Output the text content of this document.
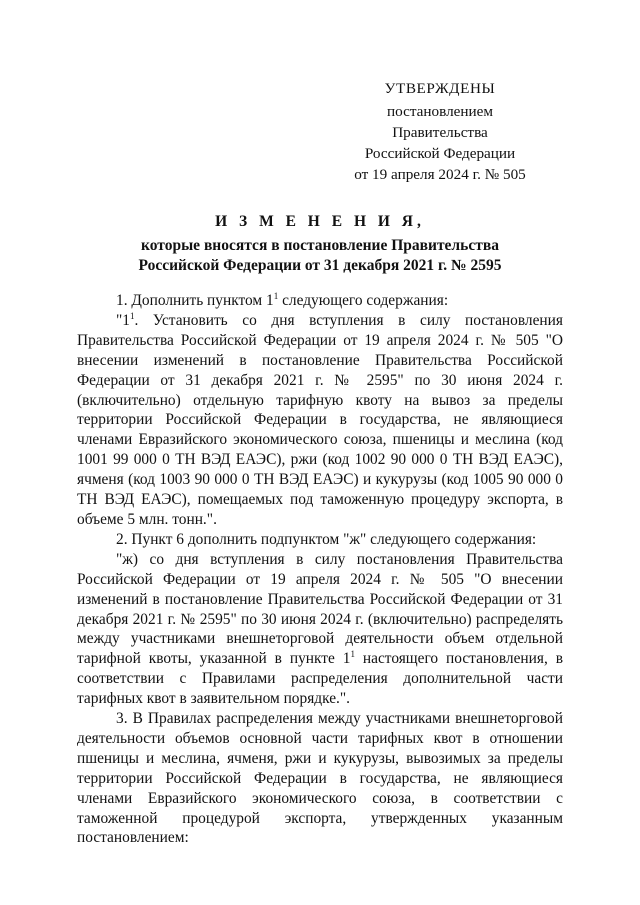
УТВЕРЖДЕНЫ
постановлением Правительства
Российской Федерации
от 19 апреля 2024 г. № 505
И З М Е Н Е Н И Я,
которые вносятся в постановление Правительства
Российской Федерации от 31 декабря 2021 г. № 2595

1. Дополнить пунктом $1^1$ следующего содержания:

"$1^1$. Установить со дня вступления в силу постановления Правительства Российской Федерации от 19 апреля 2024 г. № 505 "О внесении изменений в постановление Правительства Российской Федерации от 31 декабря 2021 г. № 2595" по 30 июня 2024 г. (включительно) отдельную тарифную квоту на вывоз за пределы территории Российской Федерации в государства, не являющиеся членами Евразийского экономического союза, пшеницы и меслина (код 1001 99 000 0 ТН ВЭД ЕАЭС), ржи (код 1002 90 000 0 ТН ВЭД ЕАЭС), ячменя (код 1003 90 000 0 ТН ВЭД ЕАЭС) и кукурузы (код 1005 90 000 0 ТН ВЭД ЕАЭС), помещаемых под таможенную процедуру экспорта, в объеме 5 млн. тонн.".

2. Пункт 6 дополнить подпунктом "ж" следующего содержания:

"ж) со дня вступления в силу постановления Правительства Российской Федерации от 19 апреля 2024 г. № 505 "О внесении изменений в постановление Правительства Российской Федерации от 31 декабря 2021 г. № 2595" по 30 июня 2024 г. (включительно) распределять между участниками внешнеторговой деятельности объем отдельной тарифной квоты, указанной в пункте $1^1$ настоящего постановления, в соответствии с Правилами распределения дополнительной части тарифных квот в заявительном порядке.".

3. В Правилах распределения между участниками внешнеторговой деятельности объемов основной части тарифных квот в отношении пшеницы и меслина, ячменя, ржи и кукурузы, вывозимых за пределы территории Российской Федерации в государства, не являющиеся членами Евразийского экономического союза, в соответствии с таможенной процедурой экспорта, утвержденных указанным постановлением:
